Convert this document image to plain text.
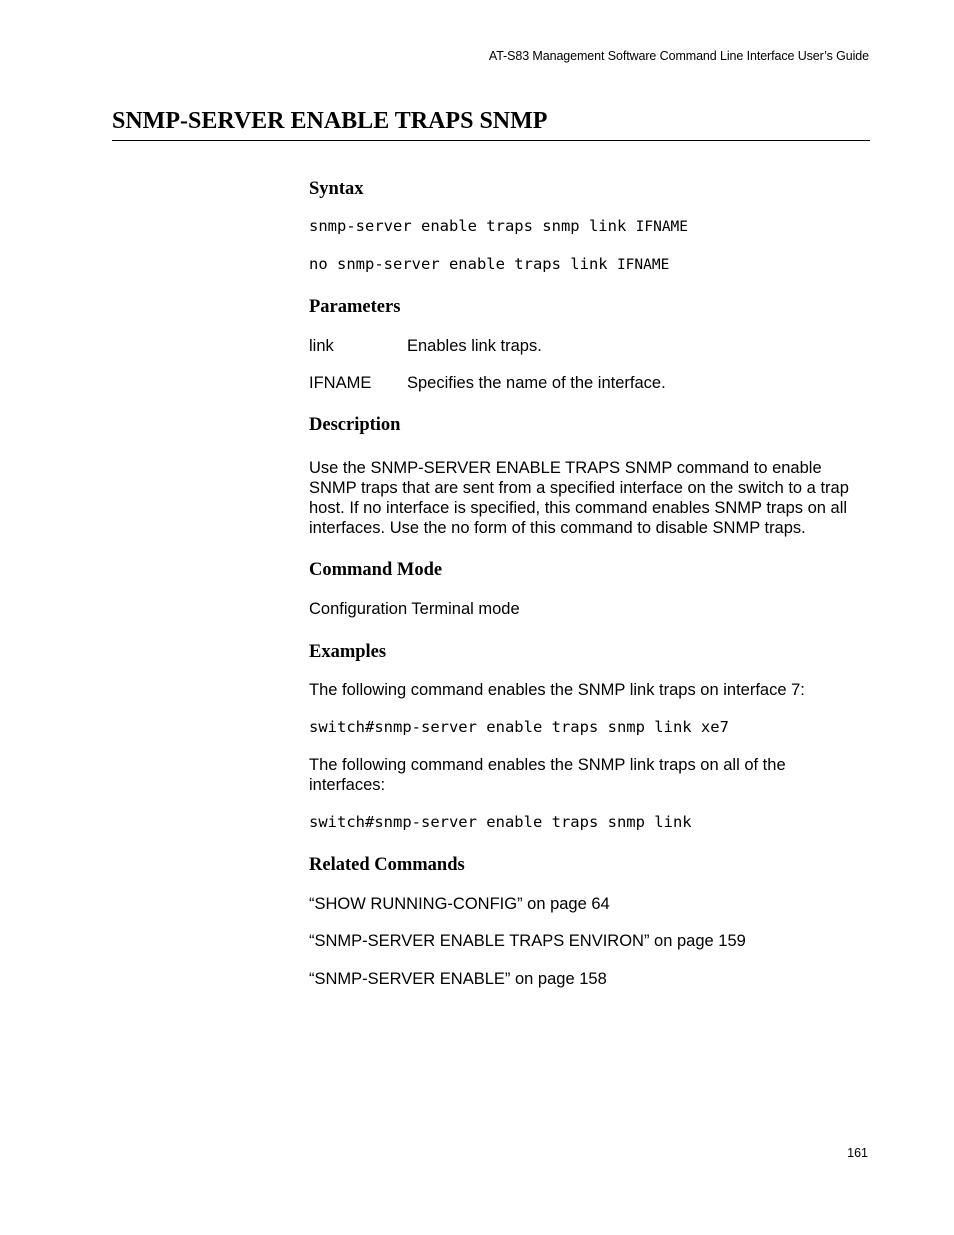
AT-S83 Management Software Command Line Interface User’s Guide
SNMP-SERVER ENABLE TRAPS SNMP
Syntax
snmp-server enable traps snmp link IFNAME
no snmp-server enable traps link IFNAME
Parameters
link	Enables link traps.
IFNAME Specifies the name of the interface.
Description

Use the SNMP-SERVER ENABLE TRAPS SNMP command to enable SNMP traps that are sent from a specified interface on the switch to a trap host. If no interface is specified, this command enables SNMP traps on all interfaces. Use the no form of this command to disable SNMP traps.

Command Mode

Configuration Terminal mode

Examples

The following command enables the SNMP link traps on interface 7:

switch#snmp-server enable traps snmp link xe7

The following command enables the SNMP link traps on all of the interfaces:

switch#snmp-server enable traps snmp link
Related Commands

“SHOW RUNNING-CONFIG” on page 64

“SNMP-SERVER ENABLE TRAPS ENVIRON” on page 159

“SNMP-SERVER ENABLE” on page 158

161
